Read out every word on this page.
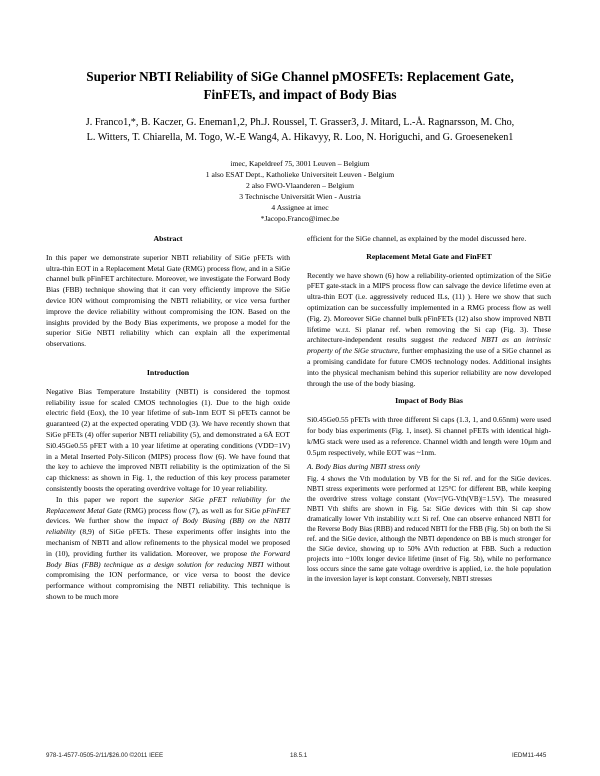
Superior NBTI Reliability of SiGe Channel pMOSFETs: Replacement Gate,
FinFETs, and impact of Body Bias
J. Franco1,*, B. Kaczer, G. Eneman1,2, Ph.J. Roussel, T. Grasser3, J. Mitard, L.-Å. Ragnarsson, M. Cho,
L. Witters, T. Chiarella, M. Togo, W.-E Wang4, A. Hikavyy, R. Loo, N. Horiguchi, and G. Groeseneken1
imec, Kapeldreef 75, 3001 Leuven – Belgium
1 also ESAT Dept., Katholieke Universiteit Leuven - Belgium
2 also FWO-Vlaanderen – Belgium
3 Technische Universität Wien - Austria
4 Assignee at imec
*Jacopo.Franco@imec.be
Abstract

In this paper we demonstrate superior NBTI reliability of SiGe pFETs with ultra-thin EOT in a Replacement Metal Gate (RMG) process flow, and in a SiGe channel bulk pFinFET architecture. Moreover, we investigate the Forward Body Bias (FBB) technique showing that it can very efficiently improve the SiGe device ION without compromising the NBTI reliability, or vice versa further improve the device reliability without compromising the ION. Based on the insights provided by the Body Bias experiments, we propose a model for the superior SiGe NBTI reliability which can explain all the experimental observations.

Introduction

Negative Bias Temperature Instability (NBTI) is considered the topmost reliability issue for scaled CMOS technologies (1). Due to the high oxide electric field (Eox), the 10 year lifetime of sub-1nm EOT Si pFETs cannot be guaranteed (2) at the expected operating VDD (3). We have recently shown that SiGe pFETs (4) offer superior NBTI reliability (5), and demonstrated a 6Å EOT Si0.45Ge0.55 pFET with a 10 year lifetime at operating conditions (VDD=1V) in a Metal Inserted Poly-Silicon (MIPS) process flow (6). We have found that the key to achieve the improved NBTI reliability is the optimization of the Si cap thickness: as shown in Fig. 1, the reduction of this key process parameter consistently boosts the operating overdrive voltage for 10 year reliability.

In this paper we report the superior SiGe pFET reliability for the Replacement Metal Gate (RMG) process flow (7), as well as for SiGe pFinFET devices. We further show the impact of Body Biasing (BB) on the NBTI reliability (8,9) of SiGe pFETs. These experiments offer insights into the mechanism of NBTI and allow refinements to the physical model we proposed in (10), providing further its validation. Moreover, we propose the Forward Body Bias (FBB) technique as a design solution for reducing NBTI without compromising the ION performance, or vice versa to boost the device performance without compromising the NBTI reliability. This technique is shown to be much more

efficient for the SiGe channel, as explained by the model discussed here.

Replacement Metal Gate and FinFET

Recently we have shown (6) how a reliability-oriented optimization of the SiGe pFET gate-stack in a MIPS process flow can salvage the device lifetime even at ultra-thin EOT (i.e. aggressively reduced ILs, (11) ). Here we show that such optimization can be successfully implemented in a RMG process flow as well (Fig. 2). Moreover SiGe channel bulk pFinFETs (12) also show improved NBTI lifetime w.r.t. Si planar ref. when removing the Si cap (Fig. 3). These architecture-independent results suggest the reduced NBTI as an intrinsic property of the SiGe structure, further emphasizing the use of a SiGe channel as a promising candidate for future CMOS technology nodes. Additional insights into the physical mechanism behind this superior reliability are now developed through the use of the body biasing.

Impact of Body Bias

Si0.45Ge0.55 pFETs with three different Si caps (1.3, 1, and 0.65nm) were used for body bias experiments (Fig. 1, inset). Si channel pFETs with identical high-k/MG stack were used as a reference. Channel width and length were 10μm and 0.5μm respectively, while EOT was ~1nm.

A. Body Bias during NBTI stress only

Fig. 4 shows the Vth modulation by VB for the Si ref. and for the SiGe devices. NBTI stress experiments were performed at 125°C for different BB, while keeping the overdrive stress voltage constant (Vov=|VG-Vth(VB)|=1.5V). The measured NBTI Vth shifts are shown in Fig. 5a: SiGe devices with thin Si cap show dramatically lower Vth instability w.r.t Si ref. One can observe enhanced NBTI for the Reverse Body Bias (RBB) and reduced NBTI for the FBB (Fig. 5b) on both the Si ref. and the SiGe device, although the NBTI dependence on BB is much stronger for the SiGe device, showing up to 50% ΔVth reduction at FBB. Such a reduction projects into ~100x longer device lifetime (inset of Fig. 5b), while no performance loss occurs since the same gate voltage overdrive is applied, i.e. the hole population in the inversion layer is kept constant. Conversely, NBTI stresses

978-1-4577-0505-2/11/$26.00 ©2011 IEEE	18.5.1	IEDM11-445
